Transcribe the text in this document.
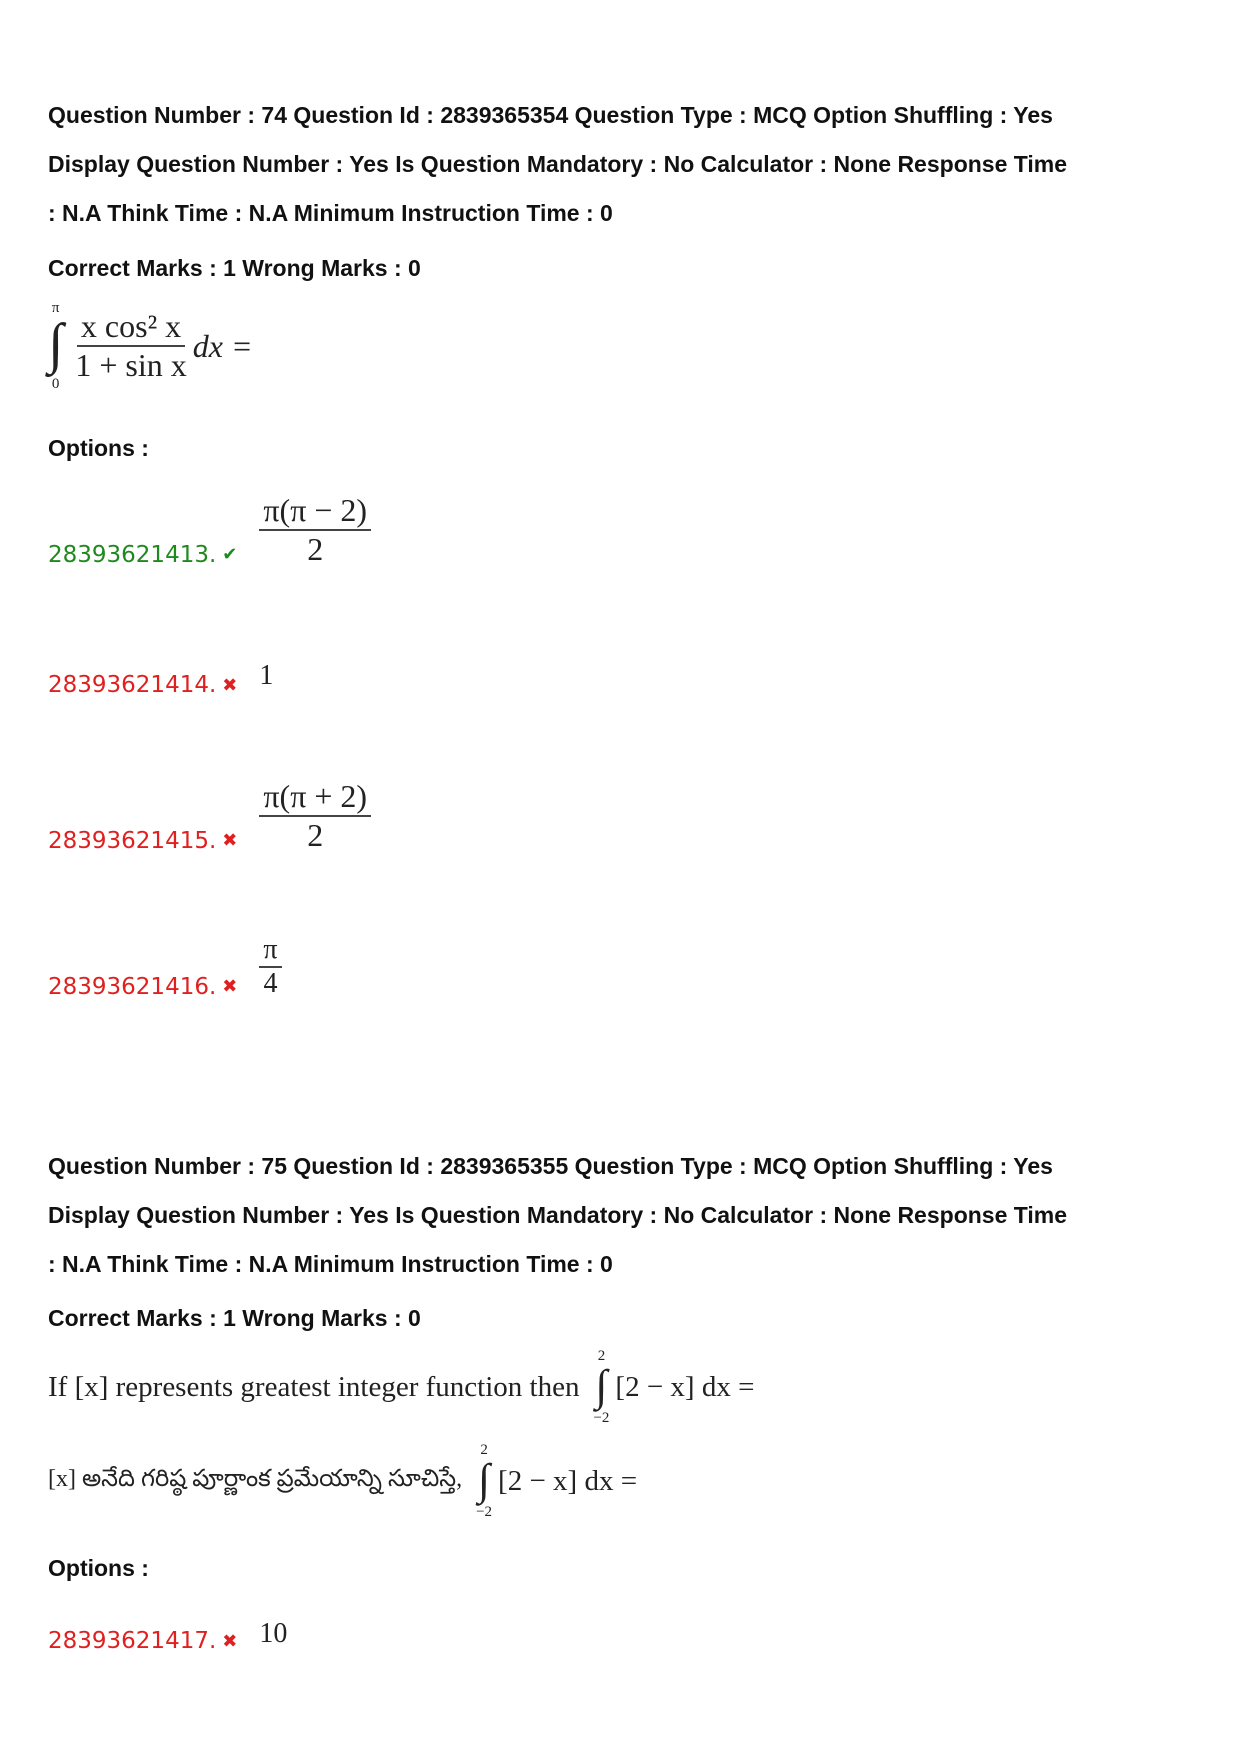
Question Number : 74 Question Id : 2839365354 Question Type : MCQ Option Shuffling : Yes
Display Question Number : Yes Is Question Mandatory : No Calculator : None Response Time
: N.A Think Time : N.A Minimum Instruction Time : 0
Correct Marks : 1 Wrong Marks : 0
π
∫
0
$\frac{\text{x cos² x}}{\text{1 + sin x}}$ dx =
Options :
28393621413. ✔ $\frac{\pi(\pi - 2)}{2}$
28393621414. ✖ 1
28393621415. ✖ $\frac{\pi(\pi + 2)}{2}$
28393621416. ✖ $\frac{\pi}{4}$
Question Number : 75 Question Id : 2839365355 Question Type : MCQ Option Shuffling : Yes
Display Question Number : Yes Is Question Mandatory : No Calculator : None Response Time
: N.A Think Time : N.A Minimum Instruction Time : 0
Correct Marks : 1 Wrong Marks : 0
If [x] represents greatest integer function then
2
∫
−2
[2 − x] dx =
[x] అనేది గరిష్ఠ పూర్ణాంక ప్రమేయాన్ని సూచిస్తే,
2
∫
−2
[2 − x] dx =
Options :
28393621417. ✖ 10
